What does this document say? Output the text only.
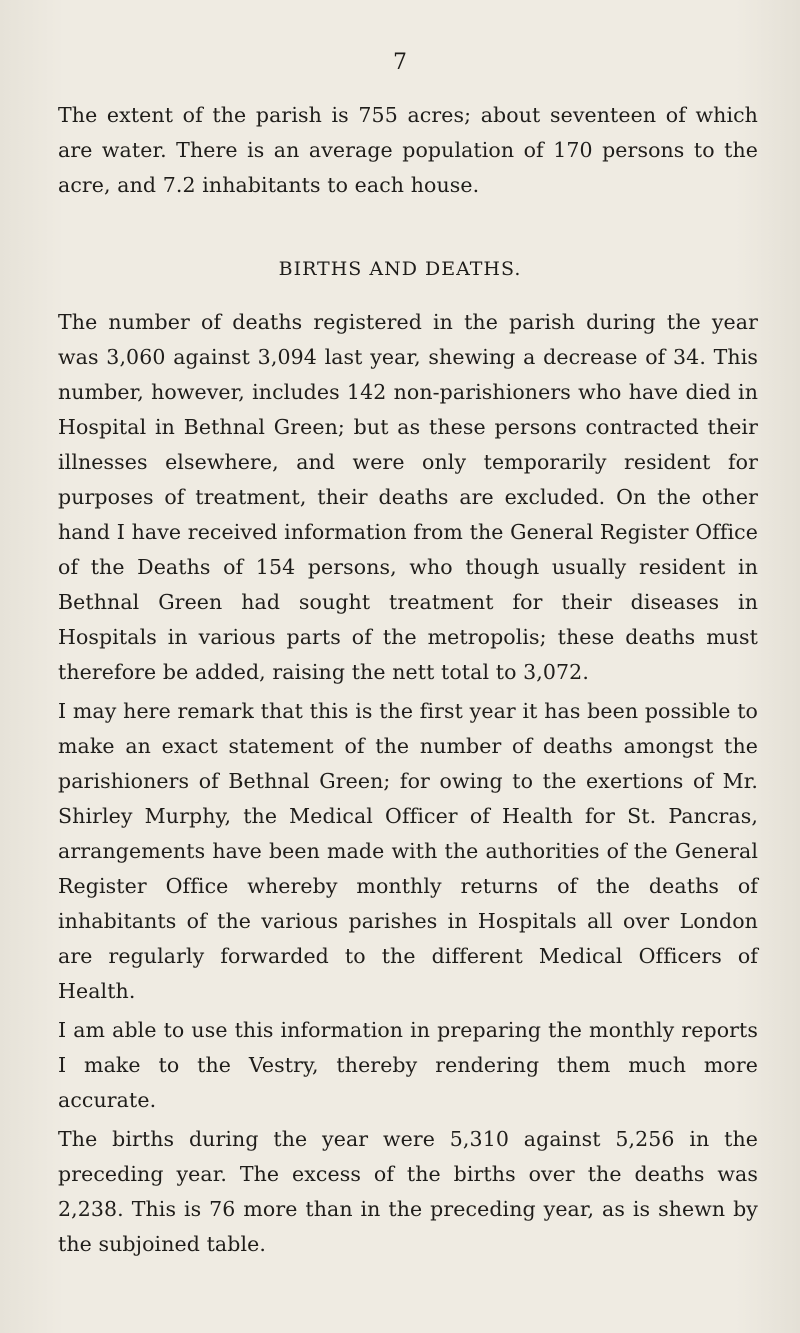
7
The extent of the parish is 755 acres; about seventeen of which are water. There is an average population of 170 persons to the acre, and 7.2 inhabitants to each house.
BIRTHS AND DEATHS.

The number of deaths registered in the parish during the year was 3,060 against 3,094 last year, shewing a decrease of 34. This number, however, includes 142 non-parishioners who have died in Hospital in Bethnal Green; but as these persons contracted their illnesses elsewhere, and were only temporarily resident for purposes of treatment, their deaths are excluded. On the other hand I have received information from the General Register Office of the Deaths of 154 persons, who though usually resident in Bethnal Green had sought treatment for their diseases in Hospitals in various parts of the metropolis; these deaths must therefore be added, raising the nett total to 3,072.

I may here remark that this is the first year it has been possible to make an exact statement of the number of deaths amongst the parishioners of Bethnal Green; for owing to the exertions of Mr. Shirley Murphy, the Medical Officer of Health for St. Pancras, arrangements have been made with the authorities of the General Register Office whereby monthly returns of the deaths of inhabitants of the various parishes in Hospitals all over London are regularly forwarded to the different Medical Officers of Health.

I am able to use this information in preparing the monthly reports I make to the Vestry, thereby rendering them much more accurate.

The births during the year were 5,310 against 5,256 in the preceding year. The excess of the births over the deaths was 2,238. This is 76 more than in the preceding year, as is shewn by the subjoined table.
